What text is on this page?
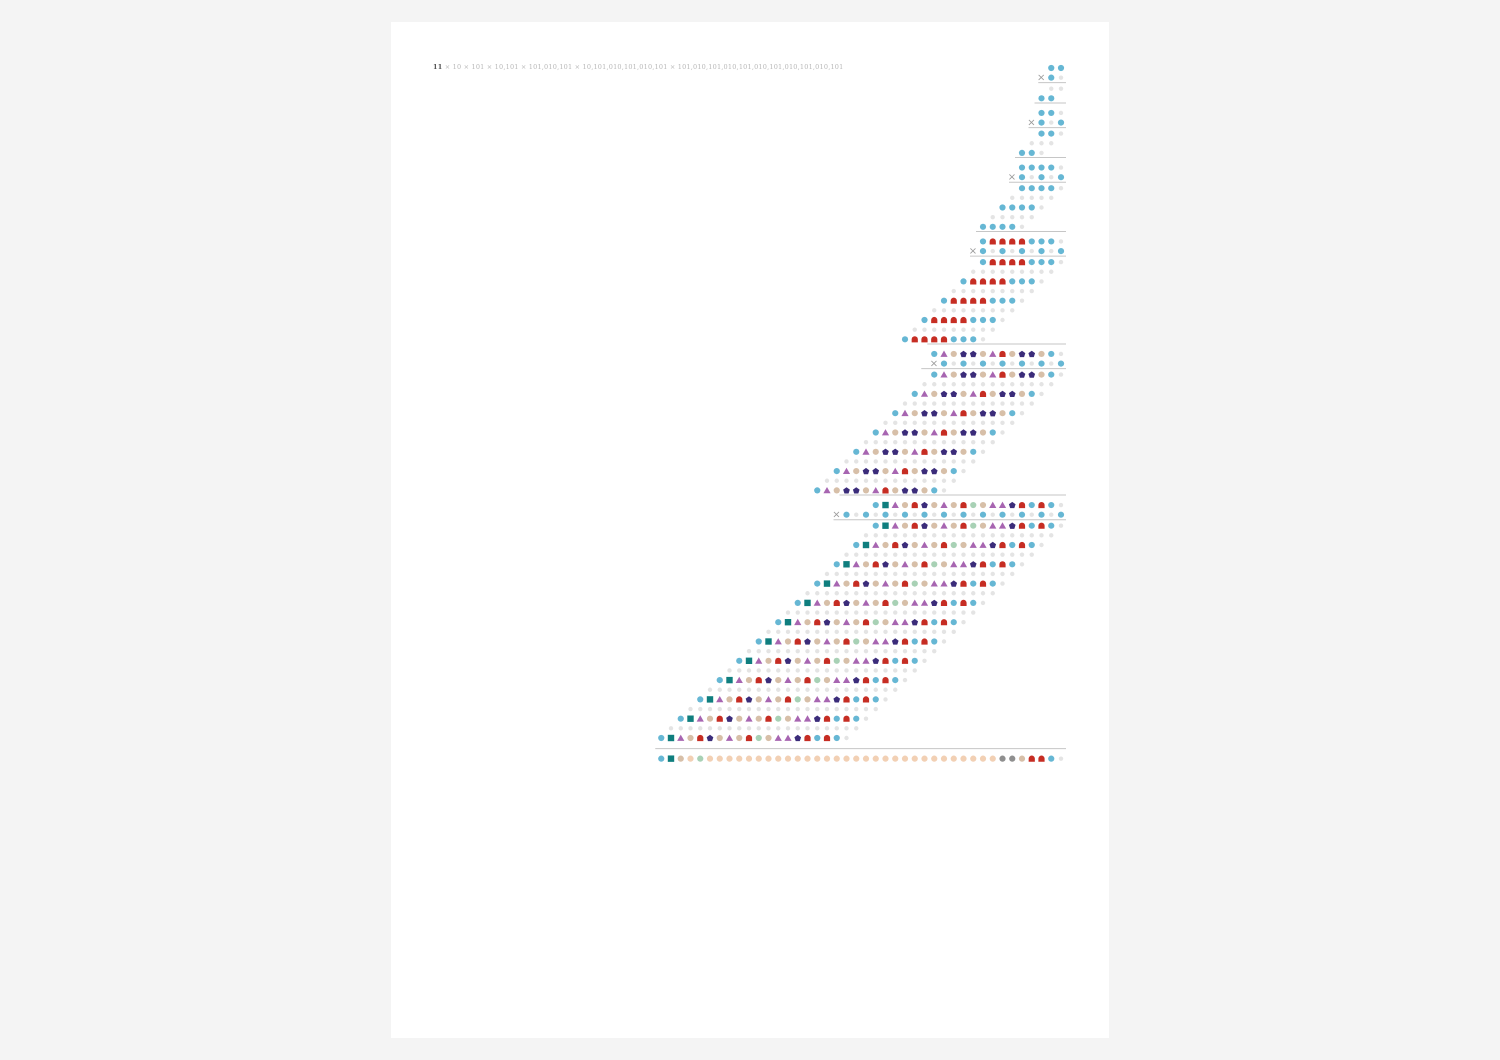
11 × 10 × 101 × 10,101 × 101,010,101 × 10,101,010,101,010,101 × 101,010,101,010,101,010,101,010,101,010,101
×
×
×
×
×
×
